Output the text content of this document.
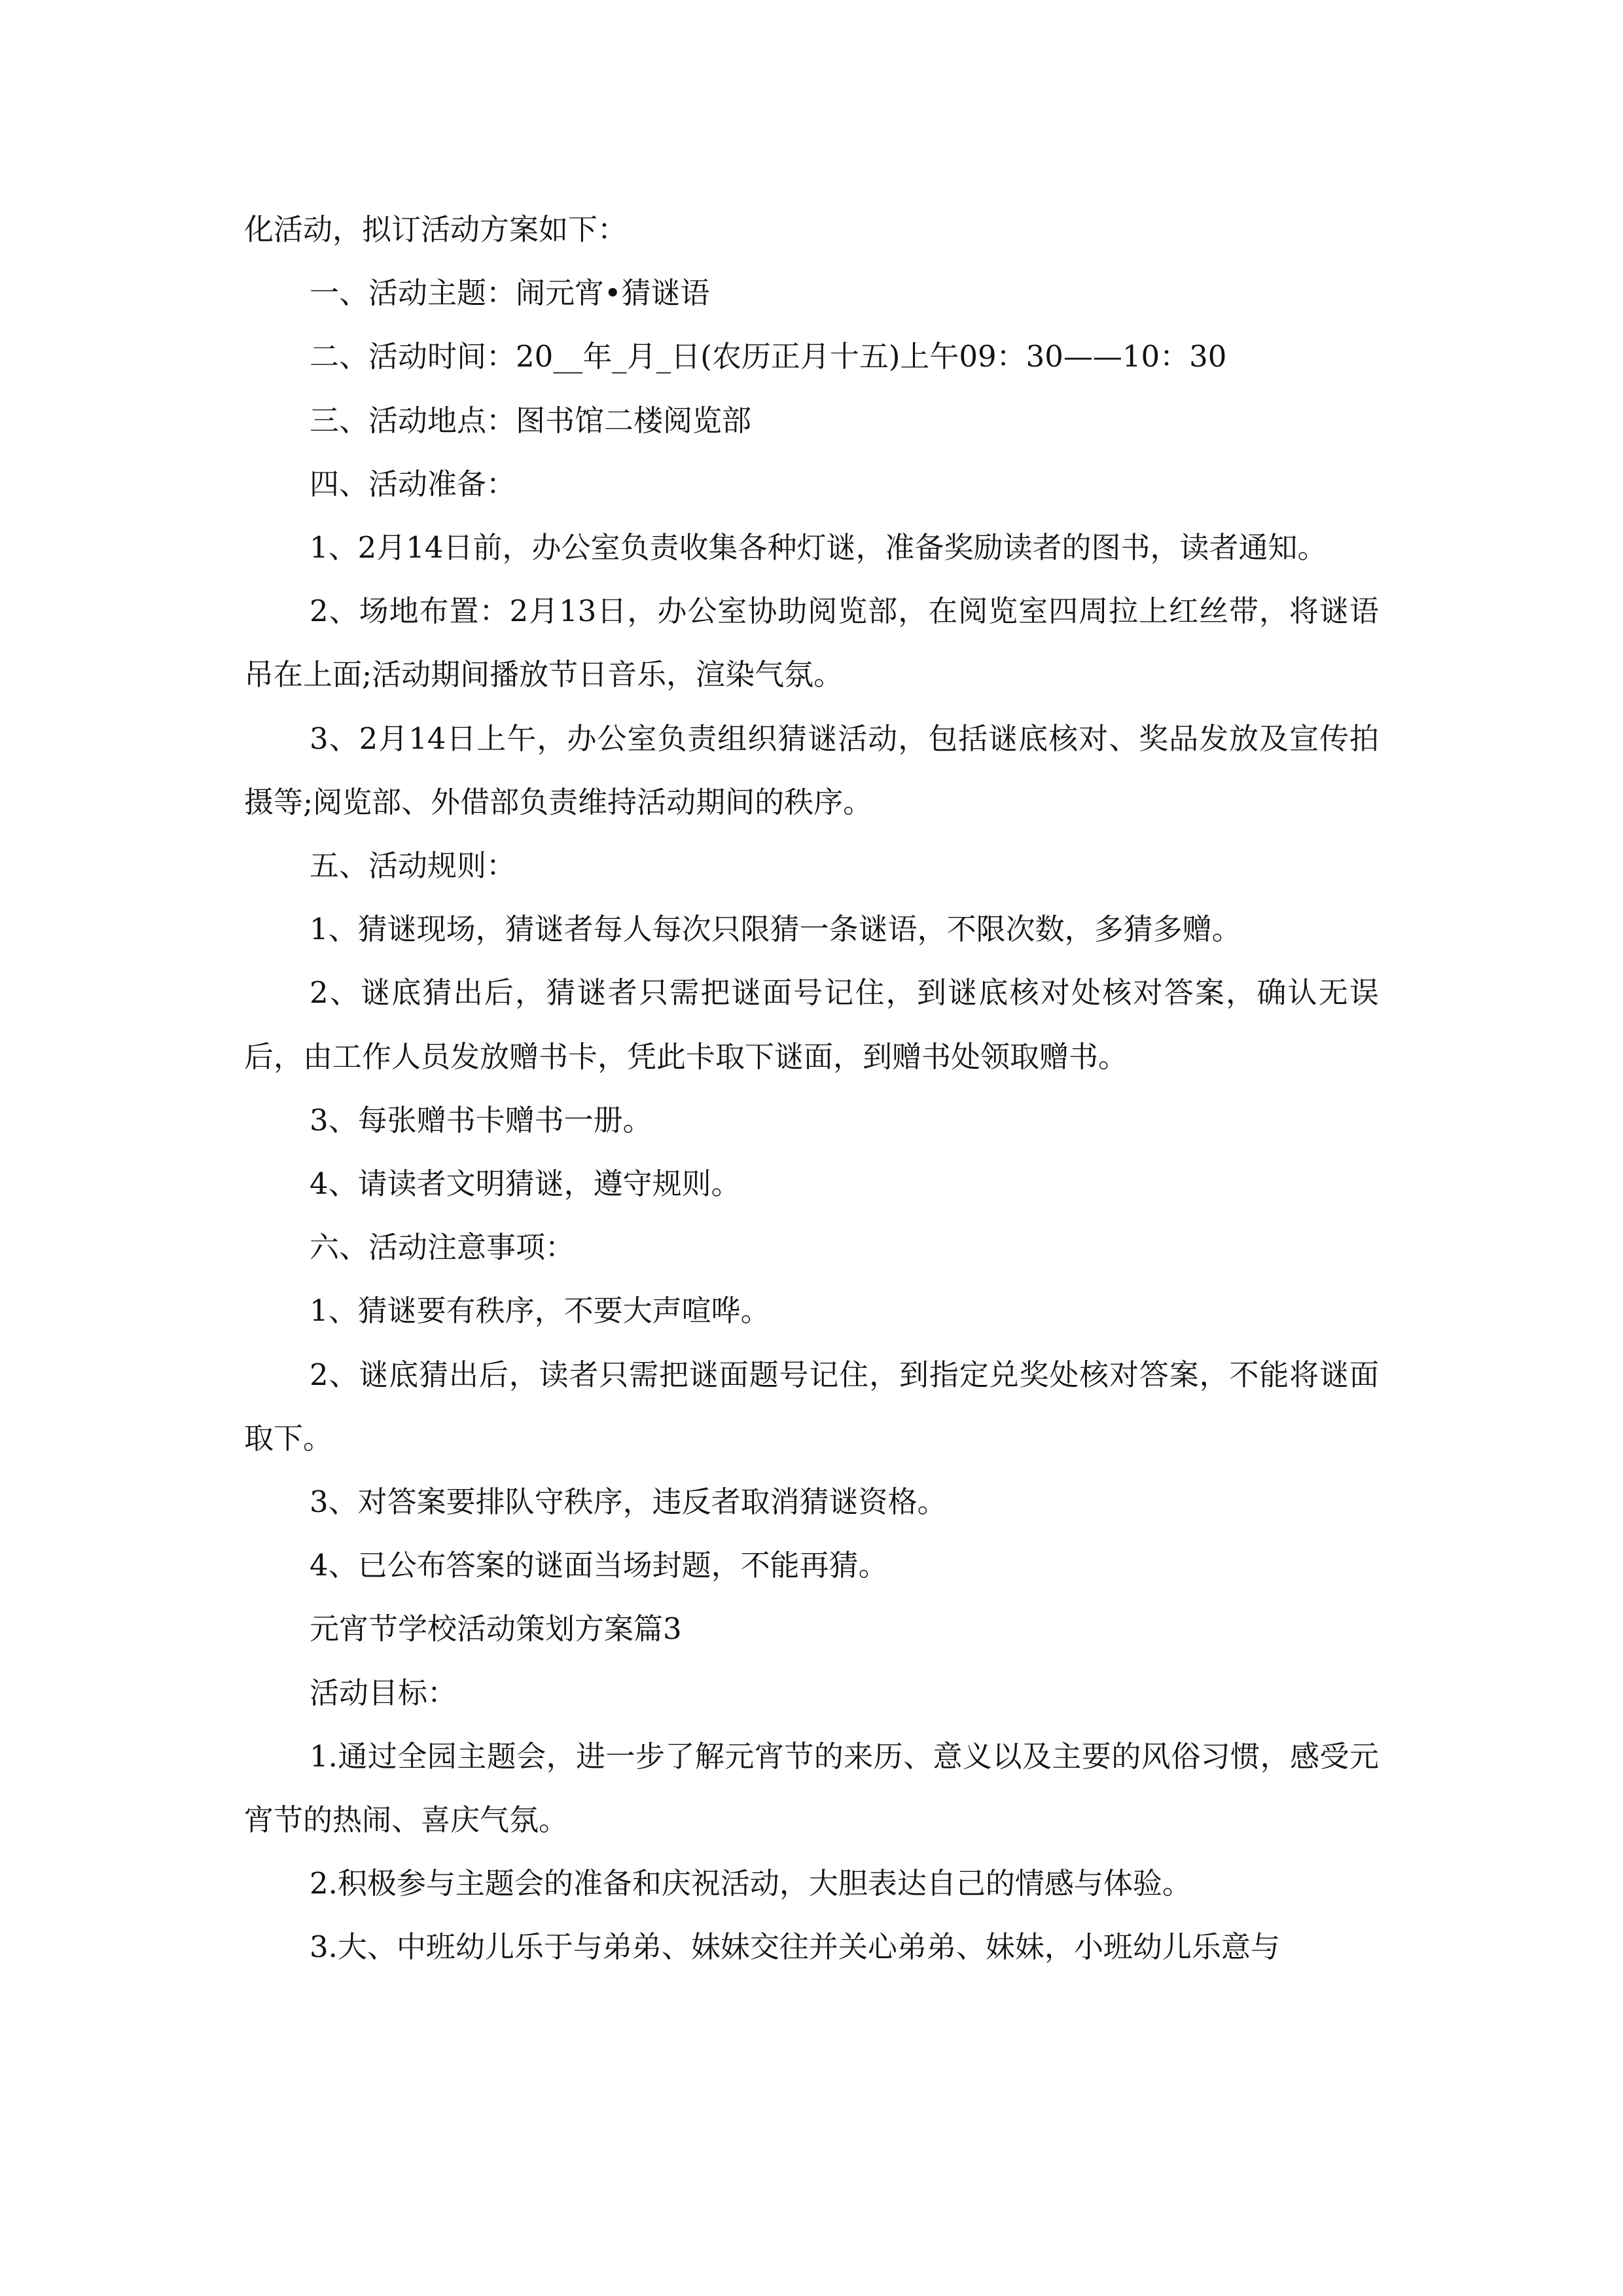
化活动，拟订活动方案如下：

一、活动主题：闹元宵•猜谜语

二、活动时间：20__年_月_日(农历正月十五)上午09：30——10：30

三、活动地点：图书馆二楼阅览部

四、活动准备：

1、2月14日前，办公室负责收集各种灯谜，准备奖励读者的图书，读者通知。

2、场地布置：2月13日，办公室协助阅览部，在阅览室四周拉上红丝带，将谜语吊在上面;活动期间播放节日音乐，渲染气氛。

3、2月14日上午，办公室负责组织猜谜活动，包括谜底核对、奖品发放及宣传拍摄等;阅览部、外借部负责维持活动期间的秩序。

五、活动规则：

1、猜谜现场，猜谜者每人每次只限猜一条谜语，不限次数，多猜多赠。

2、谜底猜出后，猜谜者只需把谜面号记住，到谜底核对处核对答案，确认无误后，由工作人员发放赠书卡，凭此卡取下谜面，到赠书处领取赠书。

3、每张赠书卡赠书一册。

4、请读者文明猜谜，遵守规则。

六、活动注意事项：

1、猜谜要有秩序，不要大声喧哗。

2、谜底猜出后，读者只需把谜面题号记住，到指定兑奖处核对答案，不能将谜面取下。

3、对答案要排队守秩序，违反者取消猜谜资格。

4、已公布答案的谜面当场封题，不能再猜。

元宵节学校活动策划方案篇3

活动目标：

1.通过全园主题会，进一步了解元宵节的来历、意义以及主要的风俗习惯，感受元宵节的热闹、喜庆气氛。

2.积极参与主题会的准备和庆祝活动，大胆表达自己的情感与体验。

3.大、中班幼儿乐于与弟弟、妹妹交往并关心弟弟、妹妹，小班幼儿乐意与
